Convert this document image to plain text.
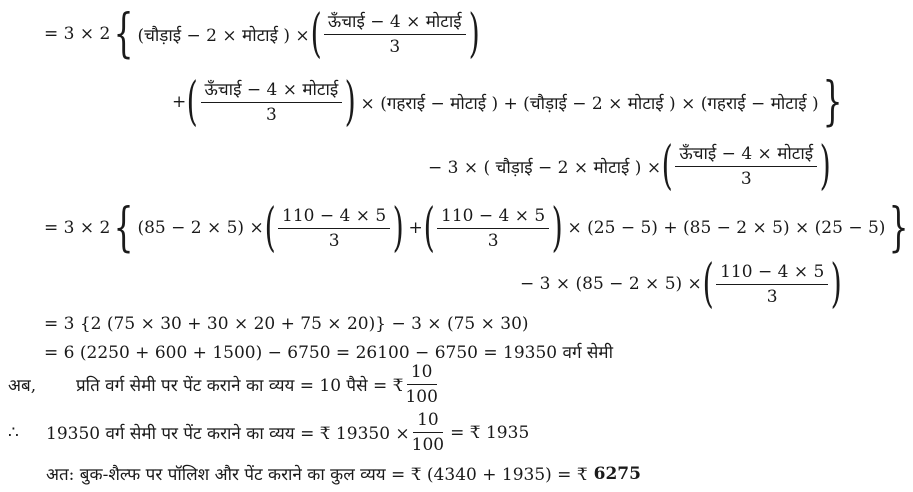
= 3 × 2 { (चौड़ाई − 2 × मोटाई ) × ( $\frac{\text{ऊँचाई − 4 × मोटाई}}{3}$ )
+ ( $\frac{\text{ऊँचाई − 4 × मोटाई}}{3}$ ) × (गहराई − मोटाई ) + (चौड़ाई − 2 × मोटाई ) × (गहराई − मोटाई ) }
− 3 × ( चौड़ाई − 2 × मोटाई ) × ( $\frac{\text{ऊँचाई − 4 × मोटाई}}{3}$ )
= 3 × 2 { (85 − 2 × 5) × ( $\frac{110 - 4 \times 5}{3}$ ) + ( $\frac{110 - 4 \times 5}{3}$ ) × (25 − 5) + (85 − 2 × 5) × (25 − 5) }
− 3 × (85 − 2 × 5) × ( $\frac{110 - 4 \times 5}{3}$ )
= 3 {2 (75 × 30 + 30 × 20 + 75 × 20)} − 3 × (75 × 30)
= 6 (2250 + 600 + 1500) − 6750 = 26100 − 6750 = 19350 वर्ग सेमी
अब,	प्रति वर्ग सेमी पर पेंट कराने का व्यय = 10 पैसे = ₹ $\frac{10}{100}$
∴	19350 वर्ग सेमी पर पेंट कराने का व्यय = ₹ $19350 \times \frac{10}{100}$ = ₹ 1935
अत: बुक-शैल्फ पर पॉलिश और पेंट कराने का कुल व्यय = ₹ (4340 + 1935) = ₹ 6275
